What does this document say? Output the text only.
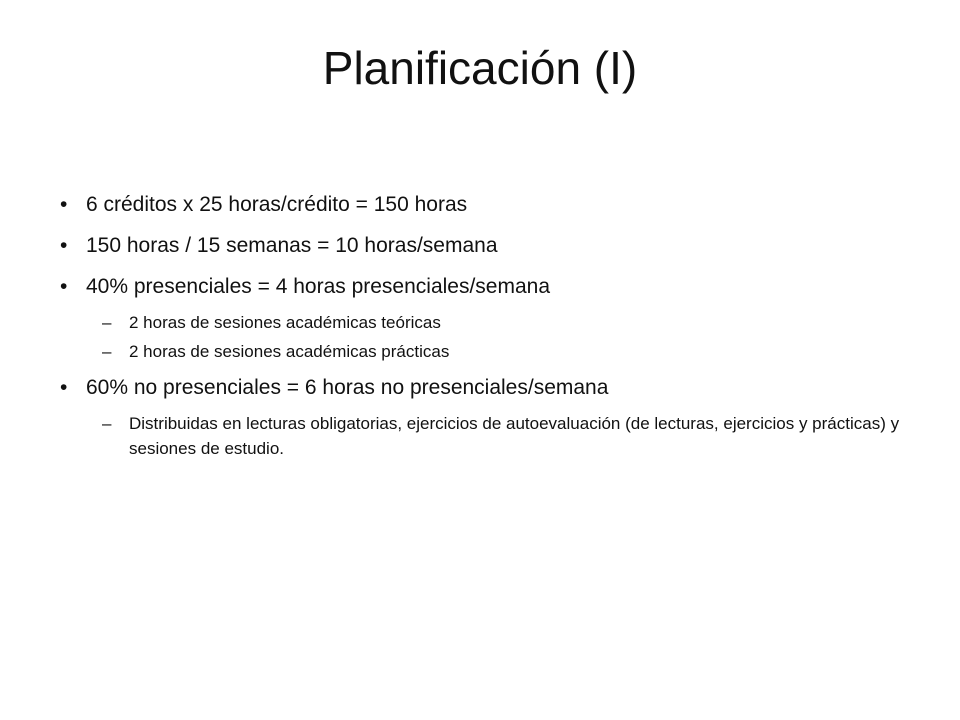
Planificación (I)
• 6 créditos x 25 horas/crédito = 150 horas
• 150 horas / 15 semanas = 10 horas/semana
• 40% presenciales = 4 horas presenciales/semana
– 2 horas de sesiones académicas teóricas
– 2 horas de sesiones académicas prácticas
• 60% no presenciales = 6 horas no presenciales/semana
– Distribuidas en lecturas obligatorias, ejercicios de autoevaluación (de lecturas, ejercicios y prácticas) y sesiones de estudio.
